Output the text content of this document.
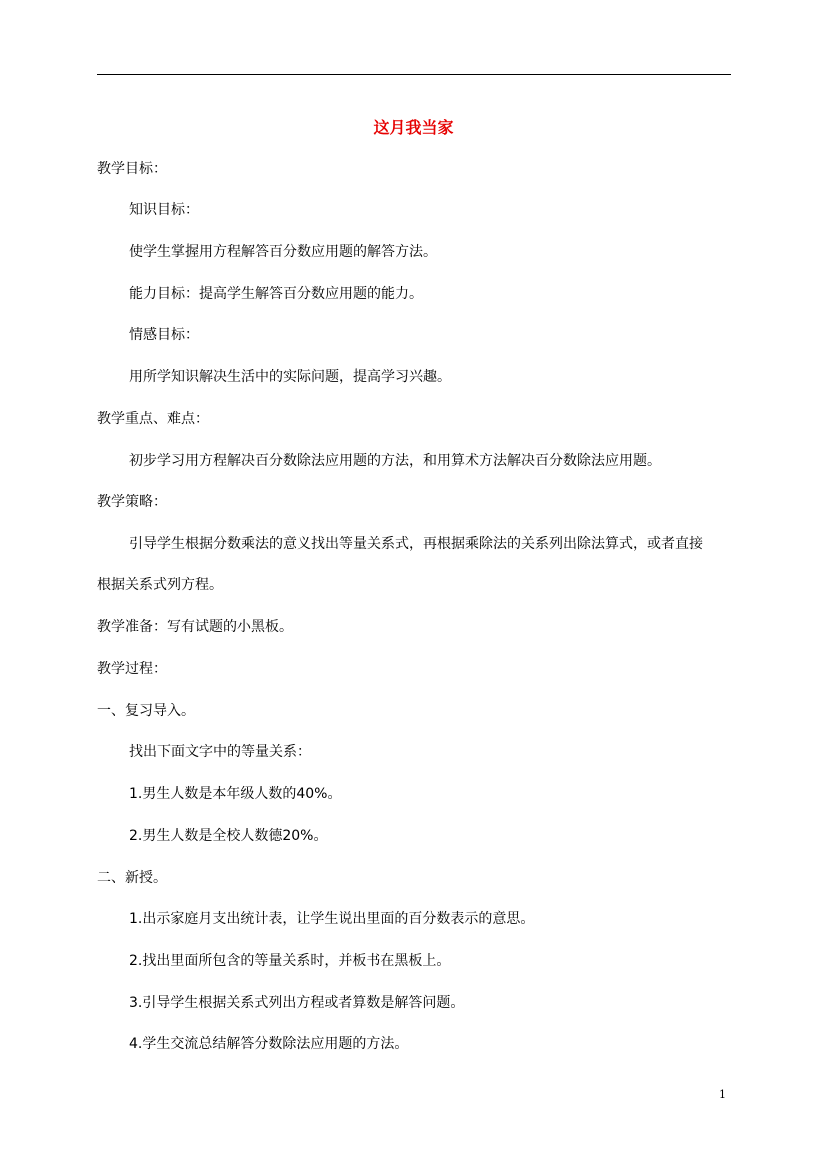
这月我当家
教学目标：
知识目标：
使学生掌握用方程解答百分数应用题的解答方法。
能力目标：提高学生解答百分数应用题的能力。
情感目标：
用所学知识解决生活中的实际问题，提高学习兴趣。
教学重点、难点：
初步学习用方程解决百分数除法应用题的方法，和用算术方法解决百分数除法应用题。
教学策略：
引导学生根据分数乘法的意义找出等量关系式，再根据乘除法的关系列出除法算式，或者直接
根据关系式列方程。
教学准备：写有试题的小黑板。
教学过程：
一、复习导入。
找出下面文字中的等量关系：
1.男生人数是本年级人数的40%。
2.男生人数是全校人数德20%。
二、新授。
1.出示家庭月支出统计表，让学生说出里面的百分数表示的意思。
2.找出里面所包含的等量关系时，并板书在黑板上。
3.引导学生根据关系式列出方程或者算数是解答问题。
4.学生交流总结解答分数除法应用题的方法。
1
